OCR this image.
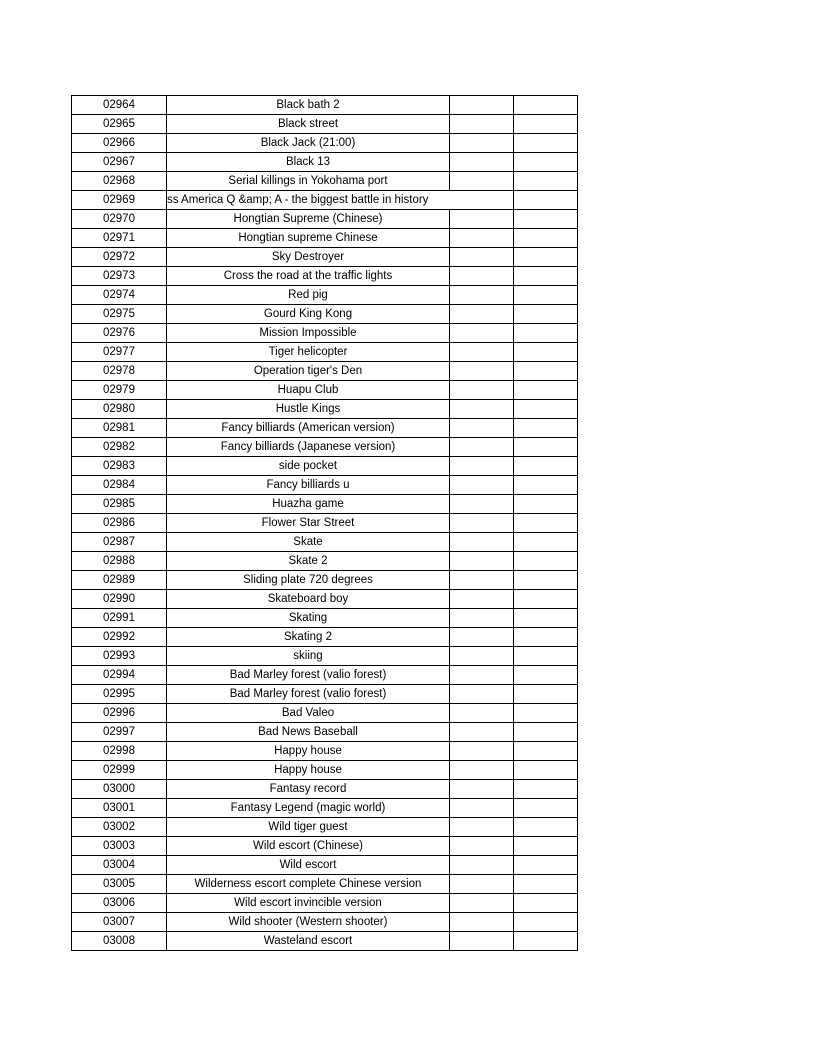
02964	Black bath 2		
02965	Black street		
02966	Black Jack (21:00)		
02967	Black 13		
02968	Serial killings in Yokohama port		
02969	ss America Q &amp; A - the biggest battle in history		
02970	Hongtian Supreme (Chinese)		
02971	Hongtian supreme Chinese		
02972	Sky Destroyer		
02973	Cross the road at the traffic lights		
02974	Red pig		
02975	Gourd King Kong		
02976	Mission Impossible		
02977	Tiger helicopter		
02978	Operation tiger's Den		
02979	Huapu Club		
02980	Hustle Kings		
02981	Fancy billiards (American version)		
02982	Fancy billiards (Japanese version)		
02983	side pocket		
02984	Fancy billiards u		
02985	Huazha game		
02986	Flower Star Street		
02987	Skate		
02988	Skate 2		
02989	Sliding plate 720 degrees		
02990	Skateboard boy		
02991	Skating		
02992	Skating 2		
02993	skiing		
02994	Bad Marley forest (valio forest)		
02995	Bad Marley forest (valio forest)		
02996	Bad Valeo		
02997	Bad News Baseball		
02998	Happy house		
02999	Happy house		
03000	Fantasy record		
03001	Fantasy Legend (magic world)		
03002	Wild tiger guest		
03003	Wild escort (Chinese)		
03004	Wild escort		
03005	Wilderness escort complete Chinese version		
03006	Wild escort invincible version		
03007	Wild shooter (Western shooter)		
03008	Wasteland escort		
